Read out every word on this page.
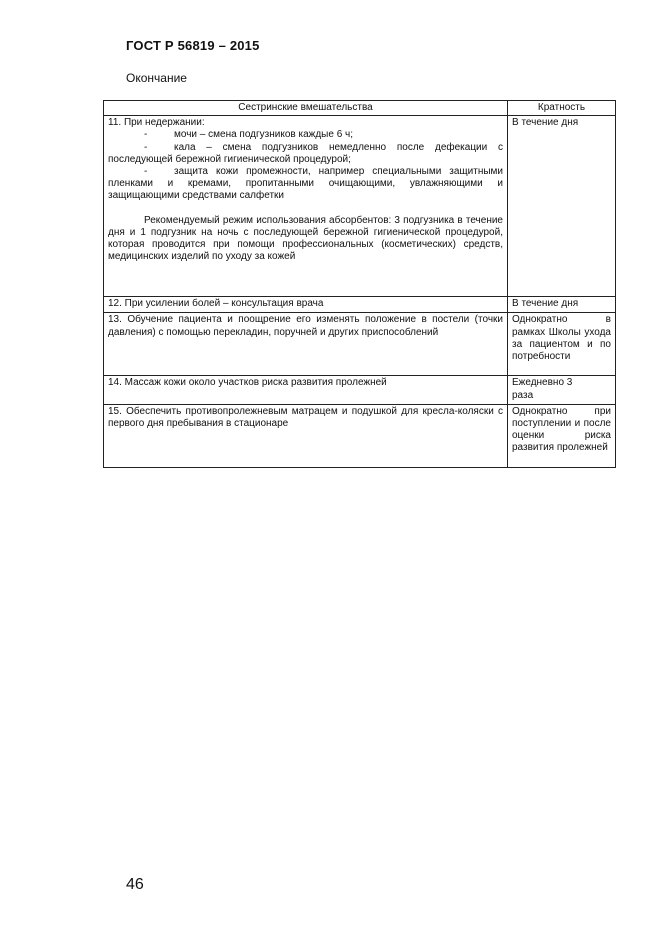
ГОСТ Р 56819 – 2015
Окончание
Сестринские вмешательства	Кратность

11. При недержании:
- мочи – смена подгузников каждые 6 ч;
- кала – смена подгузников немедленно после дефекации с последующей бережной гигиенической процедурой;
- защита кожи промежности, например специальными защитными пленками и кремами, пропитанными очищающими, увлажняющими и защищающими средствами салфетки
Рекомендуемый режим использования абсорбентов: 3 подгузника в течение дня и 1 подгузник на ночь с последующей бережной гигиенической процедурой, которая проводится при помощи профессиональных (косметических) средств, медицинских изделий по уходу за кожей	В течение дня
12. При усилении болей – консультация врача	В течение дня
13. Обучение пациента и поощрение его изменять положение в постели (точки давления) с помощью перекладин, поручней и других приспособлений	Однократно в рамках Школы ухода за пациентом и по потребности
14. Массаж кожи около участков риска развития пролежней	Ежедневно 3 раза
15. Обеспечить противопролежневым матрацем и подушкой для кресла-коляски с первого дня пребывания в стационаре	Однократно при поступлении и после оценки риска развития пролежней
46
